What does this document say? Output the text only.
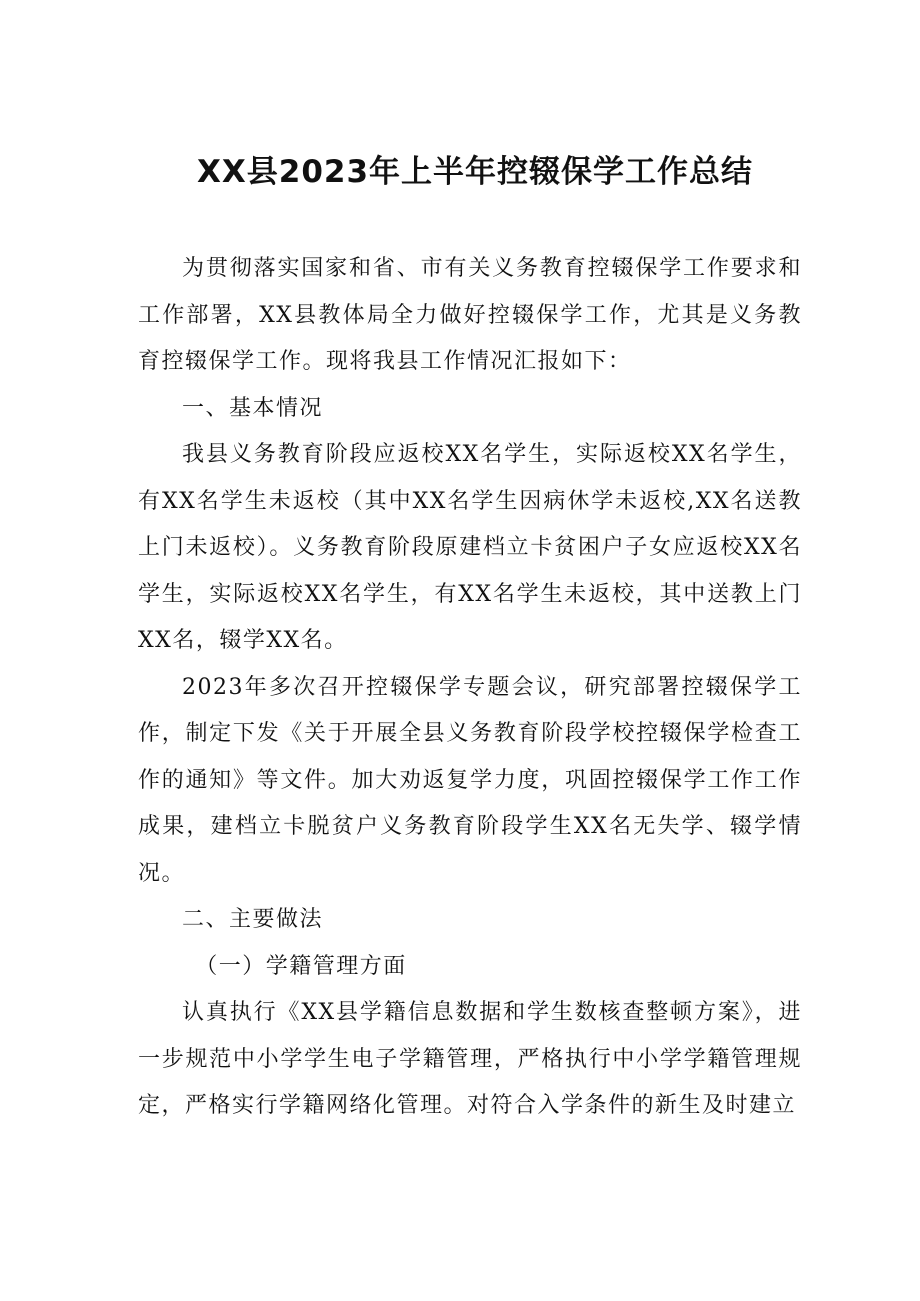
XX县2023年上半年控辍保学工作总结

为贯彻落实国家和省、市有关义务教育控辍保学工作要求和工作部署，XX县教体局全力做好控辍保学工作，尤其是义务教育控辍保学工作。现将我县工作情况汇报如下：

一、基本情况

我县义务教育阶段应返校XX名学生，实际返校XX名学生，有XX名学生未返校（其中XX名学生因病休学未返校,XX名送教上门未返校）。义务教育阶段原建档立卡贫困户子女应返校XX名学生，实际返校XX名学生，有XX名学生未返校，其中送教上门XX名，辍学XX名。

2023年多次召开控辍保学专题会议，研究部署控辍保学工作，制定下发《关于开展全县义务教育阶段学校控辍保学检查工作的通知》等文件。加大劝返复学力度，巩固控辍保学工作工作成果，建档立卡脱贫户义务教育阶段学生XX名无失学、辍学情况。

二、主要做法

（一）学籍管理方面

认真执行《XX县学籍信息数据和学生数核查整顿方案》，进一步规范中小学学生电子学籍管理，严格执行中小学学籍管理规定，严格实行学籍网络化管理。对符合入学条件的新生及时建立
